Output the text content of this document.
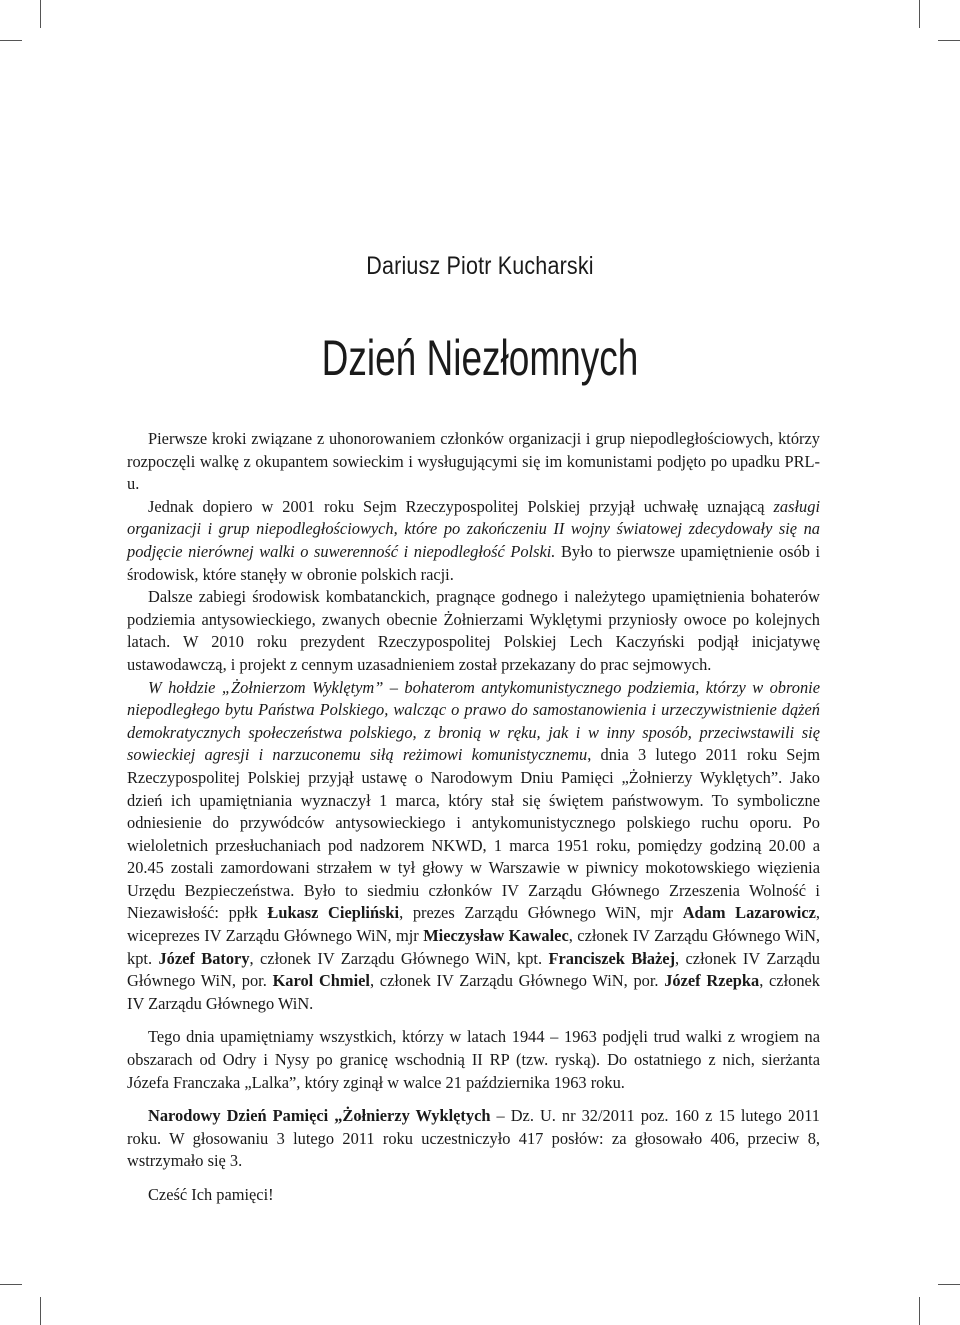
Dariusz Piotr Kucharski
Dzień Niezłomnych

Pierwsze kroki związane z uhonorowaniem członków organizacji i grup niepodległościowych, którzy rozpoczęli walkę z okupantem sowieckim i wysługującymi się im komunistami podjęto po upadku PRL-u.

Jednak dopiero w 2001 roku Sejm Rzeczypospolitej Polskiej przyjął uchwałę uznającą zasługi organizacji i grup niepodległościowych, które po zakończeniu II wojny światowej zdecydowały się na podjęcie nierównej walki o suwerenność i niepodległość Polski. Było to pierwsze upamiętnienie osób i środowisk, które stanęły w obronie polskich racji.

Dalsze zabiegi środowisk kombatanckich, pragnące godnego i należytego upamiętnienia bohaterów podziemia antysowieckiego, zwanych obecnie Żołnierzami Wyklętymi przyniosły owoce po kolejnych latach. W 2010 roku prezydent Rzeczypospolitej Polskiej Lech Kaczyński podjął inicjatywę ustawodawczą, i projekt z cennym uzasadnieniem został przekazany do prac sejmowych.

W hołdzie „Żołnierzom Wyklętym” – bohaterom antykomunistycznego podziemia, którzy w obronie niepodległego bytu Państwa Polskiego, walcząc o prawo do samostanowienia i urzeczywistnienie dążeń demokratycznych społeczeństwa polskiego, z bronią w ręku, jak i w inny sposób, przeciwstawili się sowieckiej agresji i narzuconemu siłą reżimowi komunistycznemu, dnia 3 lutego 2011 roku Sejm Rzeczypospolitej Polskiej przyjął ustawę o Narodowym Dniu Pamięci „Żołnierzy Wyklętych”. Jako dzień ich upamiętniania wyznaczył 1 marca, który stał się świętem państwowym. To symboliczne odniesienie do przywódców antysowieckiego i antykomunistycznego polskiego ruchu oporu. Po wieloletnich przesłuchaniach pod nadzorem NKWD, 1 marca 1951 roku, pomiędzy godziną 20.00 a 20.45 zostali zamordowani strzałem w tył głowy w Warszawie w piwnicy mokotowskiego więzienia Urzędu Bezpieczeństwa. Było to siedmiu członków IV Zarządu Głównego Zrzeszenia Wolność i Niezawisłość: ppłk Łukasz Ciepliński, prezes Zarządu Głównego WiN, mjr Adam Lazarowicz, wiceprezes IV Zarządu Głównego WiN, mjr Mieczysław Kawalec, członek IV Zarządu Głównego WiN, kpt. Józef Batory, członek IV Zarządu Głównego WiN, kpt. Franciszek Błażej, członek IV Zarządu Głównego WiN, por. Karol Chmiel, członek IV Zarządu Głównego WiN, por. Józef Rzepka, członek IV Zarządu Głównego WiN.

Tego dnia upamiętniamy wszystkich, którzy w latach 1944 – 1963 podjęli trud walki z wrogiem na obszarach od Odry i Nysy po granicę wschodnią II RP (tzw. ryską). Do ostatniego z nich, sierżanta Józefa Franczaka „Lalka”, który zginął w walce 21 października 1963 roku.

Narodowy Dzień Pamięci „Żołnierzy Wyklętych – Dz. U. nr 32/2011 poz. 160 z 15 lutego 2011 roku. W głosowaniu 3 lutego 2011 roku uczestniczyło 417 posłów: za głosowało 406, przeciw 8, wstrzymało się 3.

Cześć Ich pamięci!
